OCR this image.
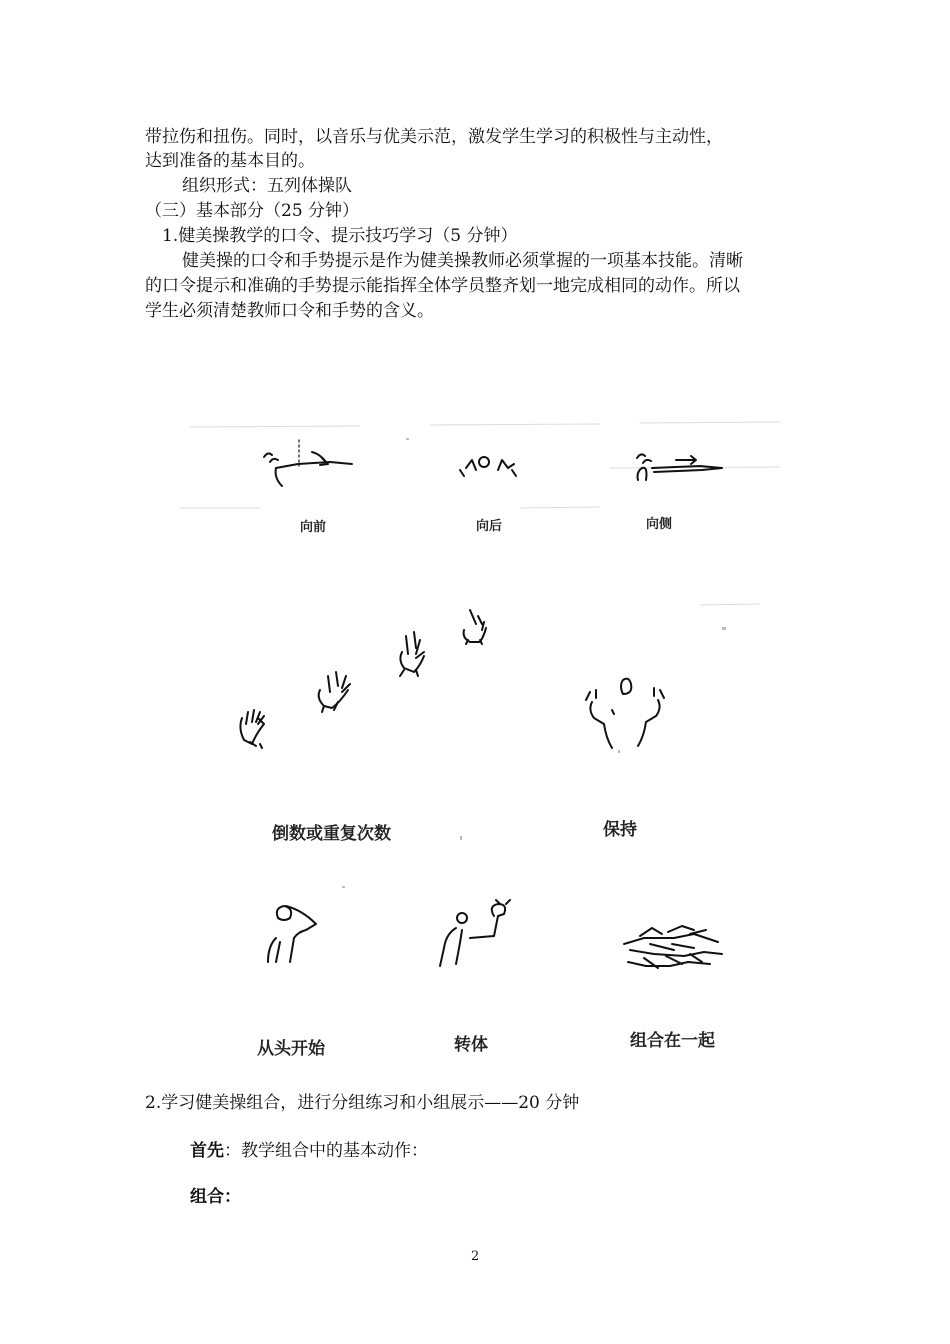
带拉伤和扭伤。同时，以音乐与优美示范，激发学生学习的积极性与主动性，
达到准备的基本目的。
组织形式：五列体操队
（三）基本部分（25 分钟）
1.健美操教学的口令、提示技巧学习（5 分钟）
健美操的口令和手势提示是作为健美操教师必须掌握的一项基本技能。清晰
的口令提示和准确的手势提示能指挥全体学员整齐划一地完成相同的动作。所以
学生必须清楚教师口令和手势的含义。
向前	向后	向侧
倒数或重复次数	保持
从头开始	转体	组合在一起
2.学习健美操组合，进行分组练习和小组展示——20 分钟
首先：教学组合中的基本动作：
组合：
2
